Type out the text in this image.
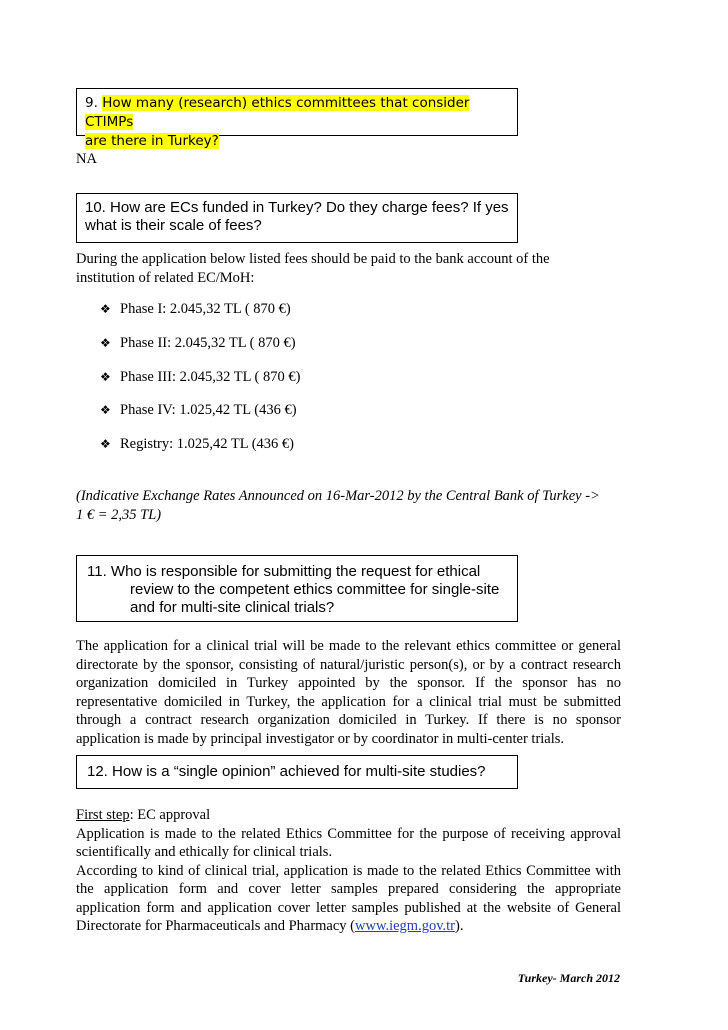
9. How many (research) ethics committees that consider CTIMPs
are there in Turkey?
NA
10. How are ECs funded in Turkey? Do they charge fees? If yes
what is their scale of fees?
During the application below listed fees should be paid to the bank account of the
institution of related EC/MoH:
❖ Phase I: 2.045,32 TL ( 870 €)
❖ Phase II: 2.045,32 TL ( 870 €)
❖ Phase III: 2.045,32 TL ( 870 €)
❖ Phase IV: 1.025,42 TL (436 €)
❖ Registry: 1.025,42 TL (436 €)
(Indicative Exchange Rates Announced on 16-Mar-2012 by the Central Bank of Turkey ->
1 € = 2,35 TL)
11. Who is responsible for submitting the request for ethical
review to the competent ethics committee for single-site
and for multi-site clinical trials?
The application for a clinical trial will be made to the relevant ethics committee or general
directorate by the sponsor, consisting of natural/juristic person(s), or by a contract research
organization domiciled in Turkey appointed by the sponsor. If the sponsor has no
representative domiciled in Turkey, the application for a clinical trial must be submitted
through a contract research organization domiciled in Turkey. If there is no sponsor
application is made by principal investigator or by coordinator in multi-center trials.
12. How is a “single opinion” achieved for multi-site studies?
First step: EC approval
Application is made to the related Ethics Committee for the purpose of receiving approval
scientifically and ethically for clinical trials.
According to kind of clinical trial, application is made to the related Ethics Committee with
the application form and cover letter samples prepared considering the appropriate
application form and application cover letter samples published at the website of General
Directorate for Pharmaceuticals and Pharmacy (www.iegm.gov.tr).
Turkey- March 2012
